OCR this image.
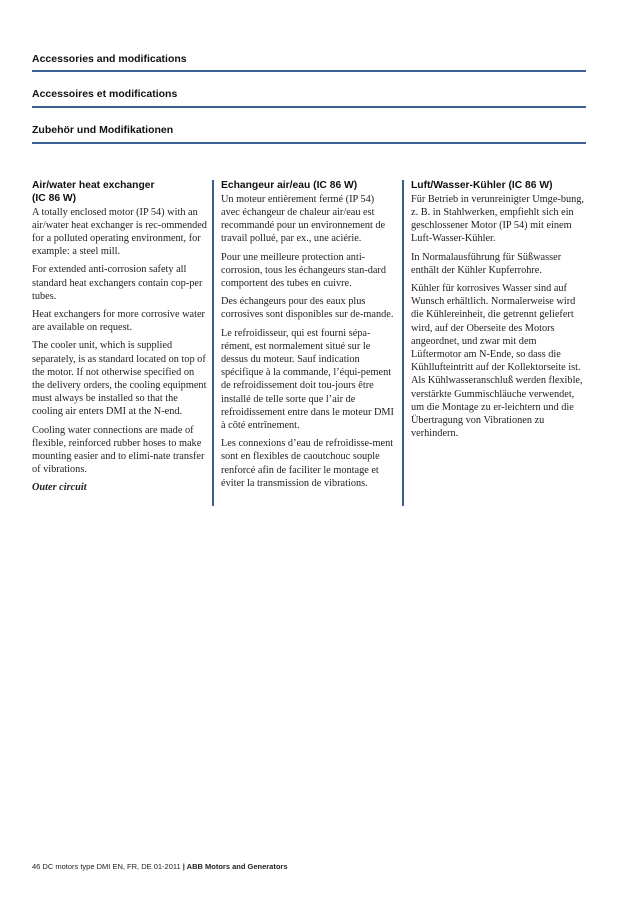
Accessories and modifications
Accessoires et modifications
Zubehör und Modifikationen
Air/water heat exchanger
(IC 86 W)

A totally enclosed motor (IP 54) with an air/water heat exchanger is rec-ommended for a polluted operating environment, for example: a steel mill.

For extended anti-corrosion safety all standard heat exchangers contain cop-per tubes.

Heat exchangers for more corrosive water are available on request.

The cooler unit, which is supplied separately, is as standard located on top of the motor. If not otherwise specified on the delivery orders, the cooling equipment must always be installed so that the cooling air enters DMI at the N-end.

Cooling water connections are made of flexible, reinforced rubber hoses to make mounting easier and to elimi-nate transfer of vibrations.

Outer circuit

Echangeur air/eau (IC 86 W)

Un moteur entièrement fermé (IP 54) avec échangeur de chaleur air/eau est recommandé pour un environnement de travail pollué, par ex., une aciérie.

Pour une meilleure protection anti-corrosion, tous les échangeurs stan-dard comportent des tubes en cuivre.

Des échangeurs pour des eaux plus corrosives sont disponibles sur de-mande.

Le refroidisseur, qui est fourni sépa-rément, est normalement situé sur le dessus du moteur. Sauf indication spécifique à la commande, l’équi-pement de refroidissement doit tou-jours être installé de telle sorte que l’air de refroidissement entre dans le moteur DMI à côté entrînement.

Les connexions d’eau de refroidisse-ment sont en flexibles de caoutchouc souple renforcé afin de faciliter le montage et éviter la transmission de vibrations.

Luft/Wasser-Kühler (IC 86 W)

Für Betrieb in verunreinigter Umge-bung, z. B. in Stahlwerken, empfiehlt sich ein geschlossener Motor (IP 54) mit einem Luft-Wasser-Kühler.

In Normalausführung für Süßwasser enthält der Kühler Kupferrohre.

Kühler für korrosives Wasser sind auf Wunsch erhältlich. Normalerweise wird die Kühlereinheit, die getrennt geliefert wird, auf der Oberseite des Motors angeordnet, und zwar mit dem Lüftermotor am N-Ende, so dass die Kühllufteintritt auf der Kollektorseite ist. Als Kühlwasseranschluß werden flexible, verstärkte Gummischläuche verwendet, um die Montage zu er-leichtern und die Übertragung von Vibrationen zu verhindern.

46 DC motors type DMI EN, FR, DE 01-2011 | ABB Motors and Generators
